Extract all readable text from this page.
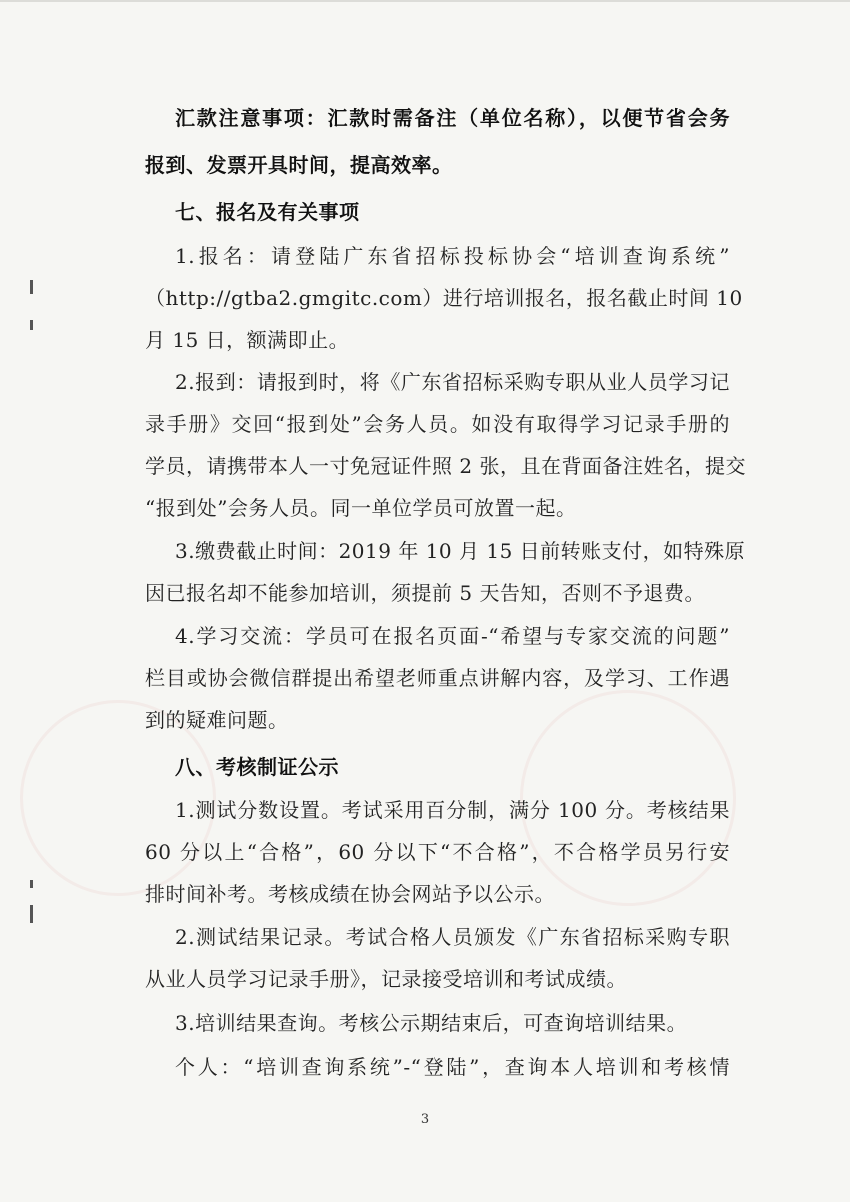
汇款注意事项：汇款时需备注（单位名称），以便节省会务
报到、发票开具时间，提高效率。
七、报名及有关事项
1.报名：请登陆广东省招标投标协会“培训查询系统”
（http://gtba2.gmgitc.com）进行培训报名，报名截止时间 10
月 15 日，额满即止。
2.报到：请报到时，将《广东省招标采购专职从业人员学习记
录手册》交回“报到处”会务人员。如没有取得学习记录手册的
学员，请携带本人一寸免冠证件照 2 张，且在背面备注姓名，提交
“报到处”会务人员。同一单位学员可放置一起。
3.缴费截止时间：2019 年 10 月 15 日前转账支付，如特殊原
因已报名却不能参加培训，须提前 5 天告知，否则不予退费。
4.学习交流：学员可在报名页面-“希望与专家交流的问题”
栏目或协会微信群提出希望老师重点讲解内容，及学习、工作遇
到的疑难问题。
八、考核制证公示
1.测试分数设置。考试采用百分制，满分 100 分。考核结果
60 分以上“合格”，60 分以下“不合格”，不合格学员另行安
排时间补考。考核成绩在协会网站予以公示。
2.测试结果记录。考试合格人员颁发《广东省招标采购专职
从业人员学习记录手册》，记录接受培训和考试成绩。
3.培训结果查询。考核公示期结束后，可查询培训结果。
个人：“培训查询系统”-“登陆”，查询本人培训和考核情
3
